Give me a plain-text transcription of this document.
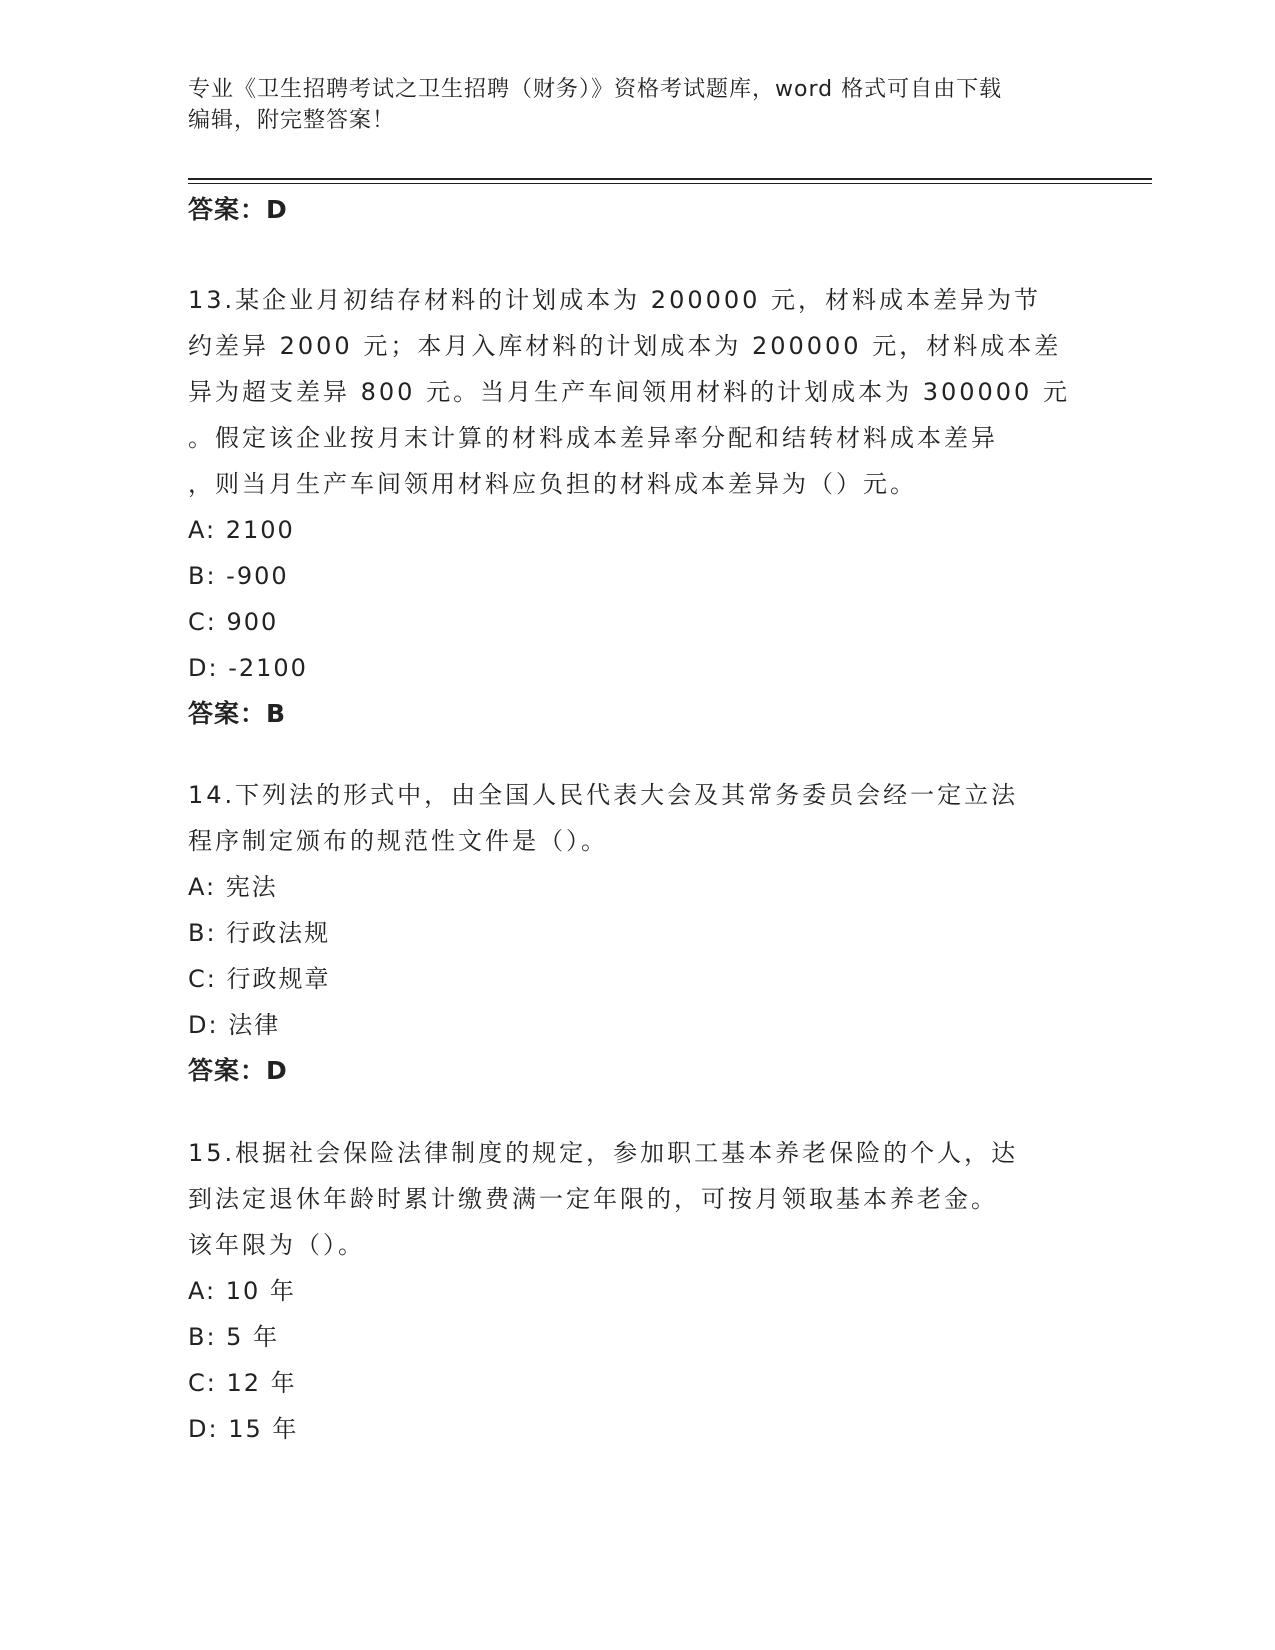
专业《卫生招聘考试之卫生招聘（财务）》资格考试题库，word 格式可自由下载
编辑，附完整答案！
答案：D
13.某企业月初结存材料的计划成本为 200000 元，材料成本差异为节
约差异 2000 元；本月入库材料的计划成本为 200000 元，材料成本差
异为超支差异 800 元。当月生产车间领用材料的计划成本为 300000 元
。假定该企业按月末计算的材料成本差异率分配和结转材料成本差异
，则当月生产车间领用材料应负担的材料成本差异为（）元。
A: 2100
B: -900
C: 900
D: -2100
答案：B
14.下列法的形式中，由全国人民代表大会及其常务委员会经一定立法
程序制定颁布的规范性文件是（）。
A: 宪法
B: 行政法规
C: 行政规章
D: 法律
答案：D
15.根据社会保险法律制度的规定，参加职工基本养老保险的个人，达
到法定退休年龄时累计缴费满一定年限的，可按月领取基本养老金。
该年限为（）。
A: 10 年
B: 5 年
C: 12 年
D: 15 年
